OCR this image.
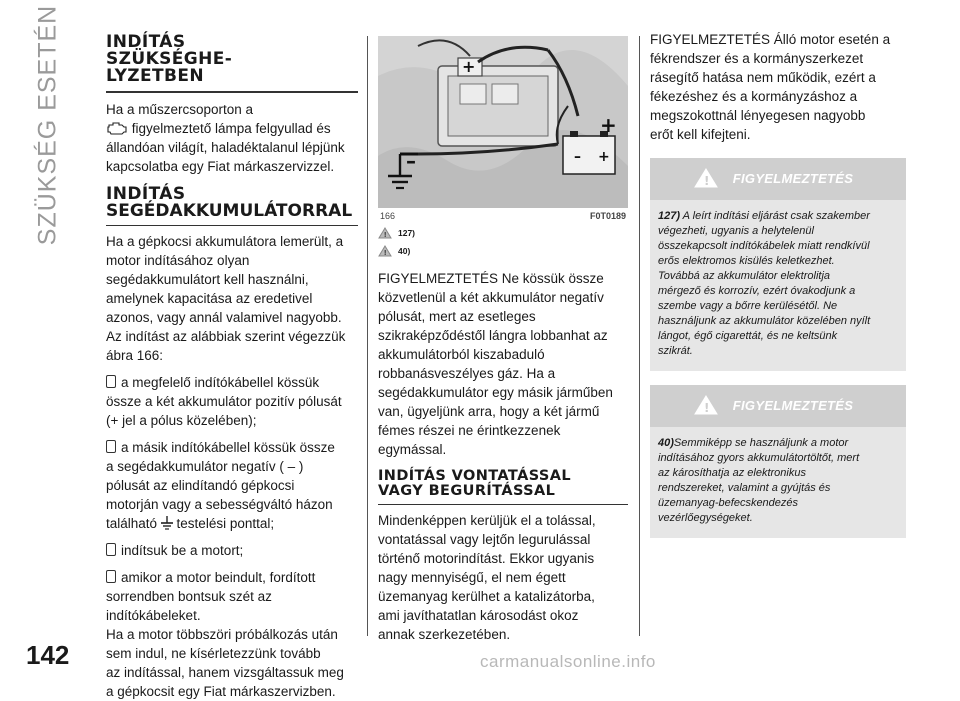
SZÜKSÉG ESETÉN	INDÍTÁS
SZÜKSÉGHE-
LYZETBEN

Ha a műszercsoporton a
figyelmeztető lámpa felgyullad és
állandóan világít, haladéktalanul lépjünk
kapcsolatba egy Fiat márkaszervizzel.

INDÍTÁS
SEGÉDAKKUMULÁTORRAL

Ha a gépkocsi akkumulátora lemerült, a
motor indításához olyan
segédakkumulátort kell használni,
amelynek kapacitása az eredetivel
azonos, vagy annál valamivel nagyobb.
Az indítást az alábbiak szerint végezzük
ábra 166:

a megfelelő indítókábellel kössük
össze a két akkumulátor pozitív pólusát
(+ jel a pólus közelében);

a másik indítókábellel kössük össze
a segédakkumulátor negatív ( – )
pólusát az elindítandó gépkocsi
motorján vagy a sebességváltó házon
található  testelési ponttal;

indítsuk be a motort;

amikor a motor beindult, fordított
sorrendben bontsuk szét az
indítókábeleket.

Ha a motor többszöri próbálkozás után
sem indul, ne kísérletezzünk tovább
az indítással, hanem vizsgáltassuk meg
a gépkocsit egy Fiat márkaszervizben.

+
– +
+
–
166	F0T0189
! 127)
! 40)

FIGYELMEZTETÉS Ne kössük össze
közvetlenül a két akkumulátor negatív
pólusát, mert az esetleges
szikraképződéstől lángra lobbanhat az
akkumulátorból kiszabaduló
robbanásveszélyes gáz. Ha a
segédakkumulátor egy másik járműben
van, ügyeljünk arra, hogy a két jármű
fémes részei ne érintkezzenek
egymással.

INDÍTÁS VONTATÁSSAL
VAGY BEGURÍTÁSSAL

Mindenképpen kerüljük el a tolással,
vontatással vagy lejtőn legurulással
történő motorindítást. Ekkor ugyanis
nagy mennyiségű, el nem égett
üzemanyag kerülhet a katalizátorba,
ami javíthatatlan károsodást okoz
annak szerkezetében.

FIGYELMEZTETÉS Álló motor esetén a
fékrendszer és a kormányszerkezet
rásegítő hatása nem működik, ezért a
fékezéshez és a kormányzáshoz a
megszokottnál lényegesen nagyobb
erőt kell kifejteni.

!	FIGYELMEZTETÉS
127) A leírt indítási eljárást csak szakember
végezheti, ugyanis a helytelenül
összekapcsolt indítókábelek miatt rendkívül
erős elektromos kisülés keletkezhet.
Továbbá az akkumulátor elektrolitja
mérgező és korrozív, ezért óvakodjunk a
szembe vagy a bőrre kerülésétől. Ne
használjunk az akkumulátor közelében nyílt
lángot, égő cigarettát, és ne keltsünk
szikrát.
!	FIGYELMEZTETÉS
40)Semmiképp se használjunk a motor
indításához gyors akkumulátortöltőt, mert
az károsíthatja az elektronikus
rendszereket, valamint a gyújtás és
üzemanyag-befecskendezés
vezérlőegységeket.
142	carmanualsonline.info
